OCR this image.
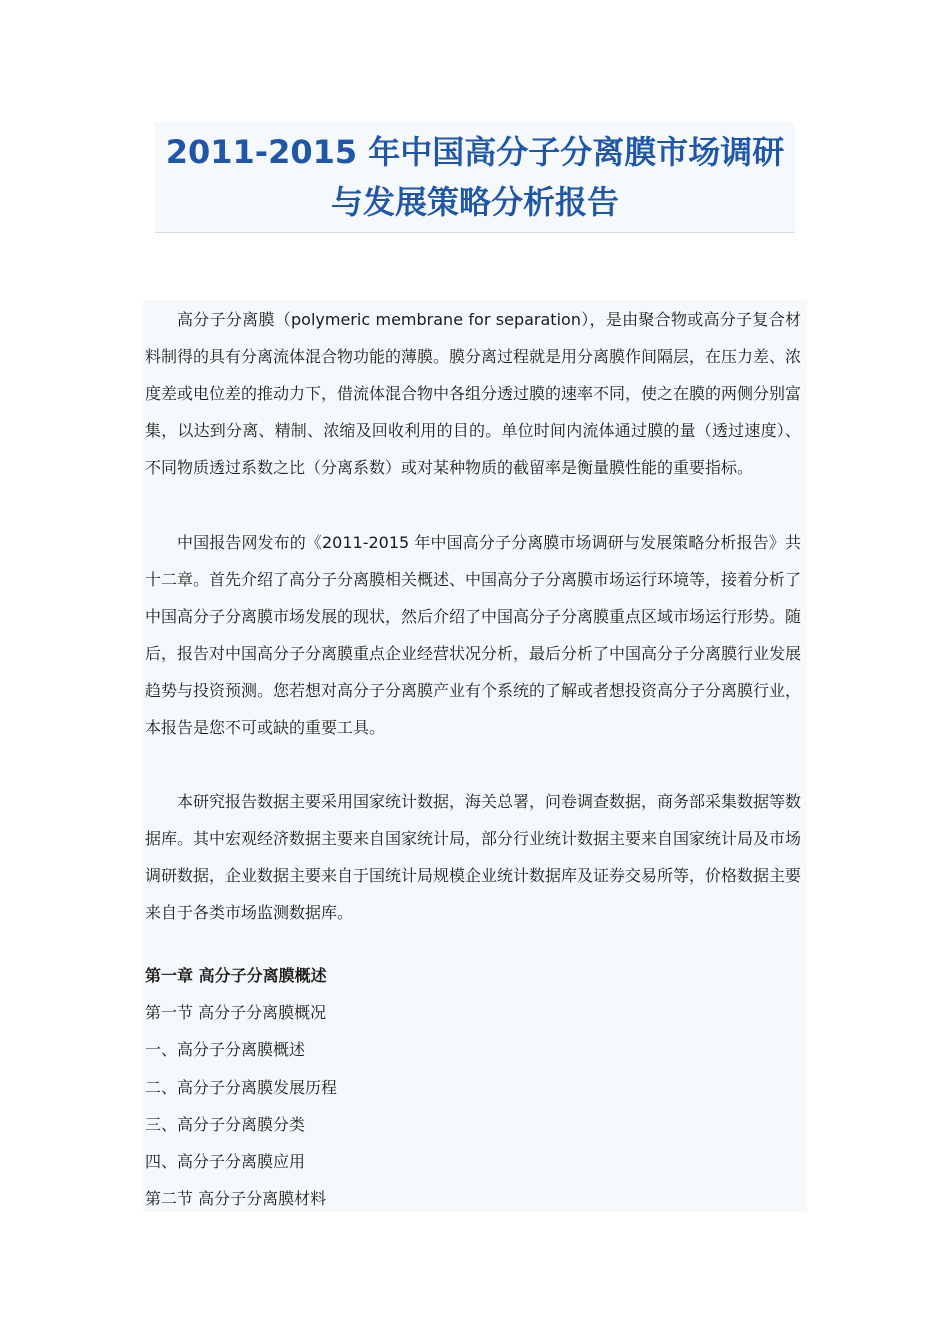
2011-2015 年中国高分子分离膜市场调研
与发展策略分析报告

高分子分离膜（polymeric membrane for separation），是由聚合物或高分子复合材料制得的具有分离流体混合物功能的薄膜。膜分离过程就是用分离膜作间隔层，在压力差、浓度差或电位差的推动力下，借流体混合物中各组分透过膜的速率不同，使之在膜的两侧分别富集，以达到分离、精制、浓缩及回收利用的目的。单位时间内流体通过膜的量（透过速度）、不同物质透过系数之比（分离系数）或对某种物质的截留率是衡量膜性能的重要指标。

中国报告网发布的《2011-2015 年中国高分子分离膜市场调研与发展策略分析报告》共十二章。首先介绍了高分子分离膜相关概述、中国高分子分离膜市场运行环境等，接着分析了中国高分子分离膜市场发展的现状，然后介绍了中国高分子分离膜重点区域市场运行形势。随后，报告对中国高分子分离膜重点企业经营状况分析，最后分析了中国高分子分离膜行业发展趋势与投资预测。您若想对高分子分离膜产业有个系统的了解或者想投资高分子分离膜行业，本报告是您不可或缺的重要工具。

本研究报告数据主要采用国家统计数据，海关总署，问卷调查数据，商务部采集数据等数据库。其中宏观经济数据主要来自国家统计局，部分行业统计数据主要来自国家统计局及市场调研数据，企业数据主要来自于国统计局规模企业统计数据库及证券交易所等，价格数据主要来自于各类市场监测数据库。

第一章 高分子分离膜概述
第一节 高分子分离膜概况
一、高分子分离膜概述
二、高分子分离膜发展历程
三、高分子分离膜分类
四、高分子分离膜应用
第二节 高分子分离膜材料
